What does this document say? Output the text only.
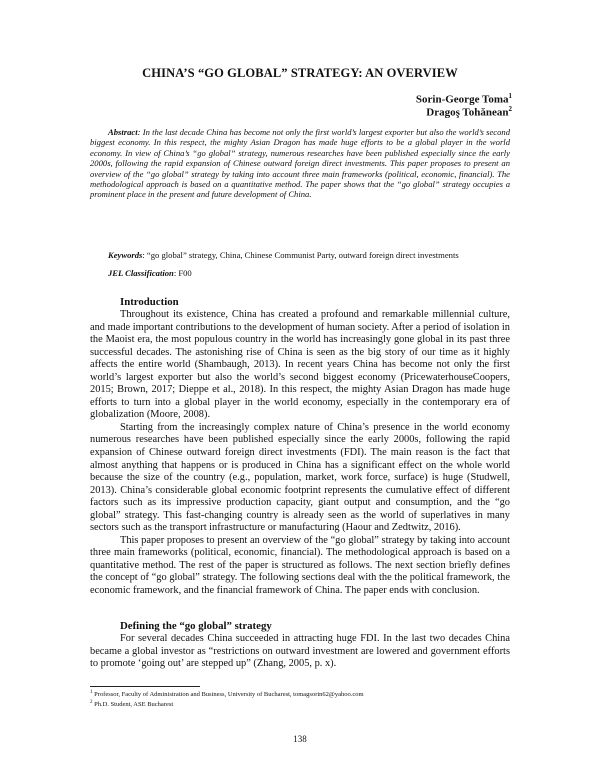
CHINA’S “GO GLOBAL” STRATEGY: AN OVERVIEW
Sorin-George Toma$^1$
Dragoş Tohănean$^2$
Abstract: In the last decade China has become not only the first world’s largest exporter but also the world’s second biggest economy. In this respect, the mighty Asian Dragon has made huge efforts to be a global player in the world economy. In view of China’s “go global” strategy, numerous researches have been published especially since the early 2000s, following the rapid expansion of Chinese outward foreign direct investments. This paper proposes to present an overview of the “go global” strategy by taking into account three main frameworks (political, economic, financial). The methodological approach is based on a quantitative method. The paper shows that the “go global” strategy occupies a prominent place in the present and future development of China.
Keywords: “go global” strategy, China, Chinese Communist Party, outward foreign direct investments
JEL Classification: F00
Introduction

Throughout its existence, China has created a profound and remarkable millennial culture, and made important contributions to the development of human society. After a period of isolation in the Maoist era, the most populous country in the world has increasingly gone global in its past three successful decades. The astonishing rise of China is seen as the big story of our time as it highly affects the entire world (Shambaugh, 2013). In recent years China has become not only the first world’s largest exporter but also the world’s second biggest economy (PricewaterhouseCoopers, 2015; Brown, 2017; Dieppe et al., 2018). In this respect, the mighty Asian Dragon has made huge efforts to turn into a global player in the world economy, especially in the contemporary era of globalization (Moore, 2008).

Starting from the increasingly complex nature of China’s presence in the world economy numerous researches have been published especially since the early 2000s, following the rapid expansion of Chinese outward foreign direct investments (FDI). The main reason is the fact that almost anything that happens or is produced in China has a significant effect on the whole world because the size of the country (e.g., population, market, work force, surface) is huge (Studwell, 2013). China’s considerable global economic footprint represents the cumulative effect of different factors such as its impressive production capacity, giant output and consumption, and the “go global” strategy. This fast-changing country is already seen as the world of superlatives in many sectors such as the transport infrastructure or manufacturing (Haour and Zedtwitz, 2016).

This paper proposes to present an overview of the “go global” strategy by taking into account three main frameworks (political, economic, financial). The methodological approach is based on a quantitative method. The rest of the paper is structured as follows. The next section briefly defines the concept of “go global” strategy. The following sections deal with the the political framework, the economic framework, and the financial framework of China. The paper ends with conclusion.

Defining the “go global” strategy

For several decades China succeeded in attracting huge FDI. In the last two decades China became a global investor as “restrictions on outward investment are lowered and government efforts to promote ‘going out’ are stepped up” (Zhang, 2005, p. x).

$^1$ Professor, Faculty of Administration and Business, University of Bucharest, tomagsorin62@yahoo.com
$^2$ Ph.D. Student, ASE Bucharest
138
